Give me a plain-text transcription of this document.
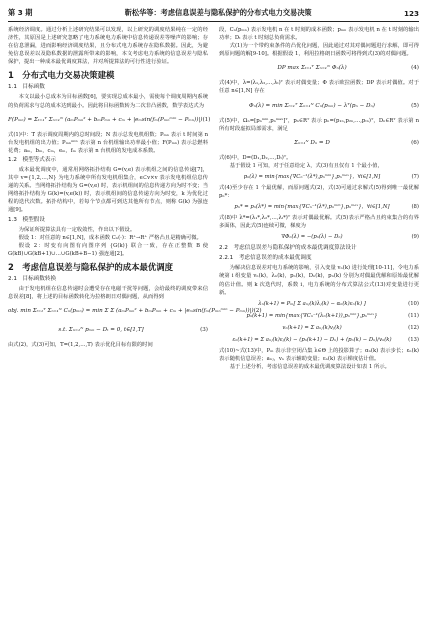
第 3 期	靳松华等：考虑信息误差与隐私保护的分布式电力交易决策	123

系统经济调度。通过分析上述研究结果可以发现，以上研究的调度结果纯在一定的经济性，其原因是上述研究忽略了电力系统电力系统中信息传递误差等噪声的影响；存在信息泄漏，进而影响经济调度结果，且分布式电力系统存在隐私数据。因此，为避免信息误差以及隐私数据的泄露所带来的影响，本文考虑电力系统的信息误差与隐私保护，提出一种成本最优调度算法，并对所提算法的可行性进行验证。

1　分布式电力交易决策建模
1.1　目标函数

本文以最小总成本为目标函数[6]，要实现总成本最小，需使每个调度周期内系统的负荷需求与总的成本达到最小。因此将目标函数转为二次非凸函数，数学表达式为

F(Pₘₙ) = Σₜ₌₁ᵀ Σₙ₌₁ᴺ (aₘPₘₙ² + bₘPₘₙ + cₘ + |eₘsin(fₘ(Pₘₙᵐⁱⁿ − Pₘₙ))|) (1)

式(1)中：T 表示调度周期内的总时间段；N 表示总发电机组数；Pₘₙ 表示 t 时间第 n 台发电机组的出力值；Pₘₙᵐⁱⁿ 表示第 n 台机组输出功率最小值；F(Pₘₙ) 表示总燃料花费；aₘ，bₘ，cₘ，eₘ，fₘ 表示第 n 台机组的发电成本系数。

1.2　模型等式表示

成本最优调度中，通常用网络拓扑结构 G=(v,e) 表示机组之间的信息传递[7]，其中 v={1,2,…,N} 为电力系统中所有发电机组集合，e⊂v×v 表示发电机组信息传递的关系。当网络拓扑结构为 G=(v,e) 时，表示机组间的信息传递方向为时不变；当网络拓扑结构为 G(k)=(v,e(k)) 时，表示机组间的信息传递方向为时变，k 为优化过程的迭代次数。拓扑结构中，若每个节点都可到达其他所有节点，则称 G(k) 为强连通[9]。

1.3　模型假设

为保证所提算法具有一定收敛性，作出以下假设。

假设 1：对任意的 n∈[1,N]，成本函数 Cₙ(·)：R⁺→R⁺ 严格凸且是精确可微。

假设 2：时变有向图有向图序列 {G(k)} 联合一致，存在正整数 B 使 G(kB)∪G(kB+1)∪…∪G(kB+B−1) 强连通[2]。

2　考虑信息误差与隐私保护的成本最优调度
2.1　目标函数转换

由于发电机组在信息传递时会遭受存在电磁干扰等问题，会给最终的调度带来信息误差[8]，将上述的目标函数转化为拉格朗日对偶问题，从而得到

obj. min Σₜ₌₁ᵀ Σₙ₌₁ᴺ Cₙ(pₘₙ) = min Σ Σ (aₘPₘₙ² + bₘPₘₙ + cₘ + |eₘsin(fₘ(Pₘₙᵐⁱⁿ − Pₘₙ))|) (2)
s.t. Σₙ₌₁ᴺ pₘₙ − Dₜ = 0, t∈[1,T]	(3)

由式(2)，式(3)可知，T=(1,2,…,T) 表示优化目标有限的时间

段，Cₙ(pₘₙ) 表示发电机 n 在 t 时刻的成本函数；pₘₙ 表示发电机 n 在 t 时刻的输出功率；Dₜ 表示 t 时刻总负荷需求。

式(1)为一个带约束条件的凸优化问题，因此通过对其对偶问题进行求解，即可得到原问题的解[9-10]。根据假设 1，利用拉格朗日函数可将得到式(3)的对偶问题。

DP max Σₜ₌₁ᵀ Σₙ₌₁ᴺ Φₙ(λ)	(4)

式(4)中，λ=(λ₁,λ₂,…,λₜ)ᵀ 表示对偶变量；Φ 表示欧拉函数；DP 表示对偶值。对于任意 n∈[1,N] 存在

Φₙ(λ) = min Σₜ₌₁ᵀ Σₙ₌₁ᴺ Cₙ(pₘₙ) − λᵀ(pₙ − Dₙ)	(5)

式(5)中，Ωₙ=[pₙᵐⁱⁿ,pₙᵐᵃˣ]ᵀ，pₙ∈Rᵀ 表示 pₙ=(p₁ₙ,p₂ₙ,…,pₜₙ)ᵀ，Dₙ∈Rᵀ 表示第 n 所有时段虚拟局部需求，满足

Σₙ₌₁ᴺ Dₙ = D	(6)

式(6)中，D=(D₁,D₂,…,Dₜ)ᵀ。

基于假设 1 可知，对于任意给定 λ，式(3)有且仅有 1 个最小值，

pₙ(λ) = min{max{∇Cₙ⁻¹(λ*),pₙᵐⁱⁿ},pₙᵐᵃˣ}，∀i∈[1,N]	(7)

式(4)至少存在 1 个最优解，而原问题式(2)，式(3)可通过求解式(5)得到唯一最优解 pₙ*：

pₙ* = pₙ(λ*) = min{max{∇Cₙ⁻¹(λ*),pₙᵐⁱⁿ},pₙᵐᵃˣ}，∀i∈[1,N]	(8)

式(8)中 λ*=(λ₁*,λ₂*,…,λₜ*)ᵀ 表示对偶最优解。式(5)表示严格凸且约束集合的有界多面体，因此式(5)连续可微，梯度为

∇Φₙ(λ) = −(pₙ(λ) − Dₙ)	(9)
2.2　考虑信息误差与隐私保护的成本最优调度算法设计
2.2.1　考虑信息误差的成本最优调度

为解决信息误差对电力系统的影响，引入变量 vₙ(k) 进行处理[10-11]，令电力系统第 i 组变量 vₙ(k)，λₙ(k)，pₙ(k)，Dₙ(k)，pₙ(k) 分别为对偶最优解和原始最优解的估计值。则 k 次迭代时，系数 i，电力系统的分布式算法公式(13)对变量进行更新。

λₙ(k+1) = Pₘ[ Σ aₙⱼ(k)λⱼ(k) − αₙ(k)εₙ(k) ]	(10)
pₙ(k+1) = min{max{∇Cₙ⁻¹(λₙ(k+1)),pₙᵐⁱⁿ},pₙᵐᵃˣ}	(11)
vₙ(k+1) = Σ aₙⱼ(k)vⱼ(k)	(12)
εₙ(k+1) = Σ aₙⱼ(k)εⱼ(k) − (pₙ(k+1) − Dₙ) + (pₙ(k) − Dₙ)/vₙ(k)	(13)

式(10)~式(13)中，Pₘ 表示非空闭凸集 λ∈Θ 上的投影算子；αₙ(k) 表示步长；εₙ(k) 表示随机信息误差；aₙⱼ，vₙ 表示辅助变量；εₙ(k) 表示梯度估计值。

基于上述分析，考虑信息误差的成本最优调度算法设计如表 1 所示。
